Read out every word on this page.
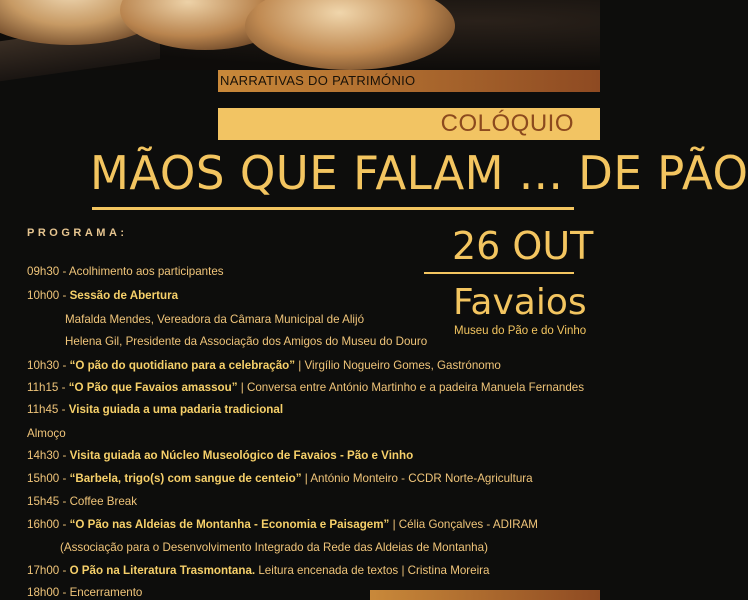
NARRATIVAS DO PATRIMÓNIO
COLÓQUIO
MÃOS QUE FALAM ... DE PÃO
PROGRAMA:	26 OUT
Favaios
Museu do Pão e do Vinho
09h30 - Acolhimento aos participantes
10h00 - Sessão de Abertura
Mafalda Mendes, Vereadora da Câmara Municipal de Alijó
Helena Gil, Presidente da Associação dos Amigos do Museu do Douro
10h30 - “O pão do quotidiano para a celebração” | Virgílio Nogueiro Gomes, Gastrónomo
11h15 - “O Pão que Favaios amassou” | Conversa entre António Martinho e a padeira Manuela Fernandes
11h45 - Visita guiada a uma padaria tradicional
Almoço
14h30 - Visita guiada ao Núcleo Museológico de Favaios - Pão e Vinho
15h00 - “Barbela, trigo(s) com sangue de centeio” | António Monteiro - CCDR Norte-Agricultura
15h45 - Coffee Break
16h00 - “O Pão nas Aldeias de Montanha - Economia e Paisagem” | Célia Gonçalves - ADIRAM
(Associação para o Desenvolvimento Integrado da Rede das Aldeias de Montanha)
17h00 - O Pão na Literatura Trasmontana. Leitura encenada de textos | Cristina Moreira
18h00 - Encerramento
